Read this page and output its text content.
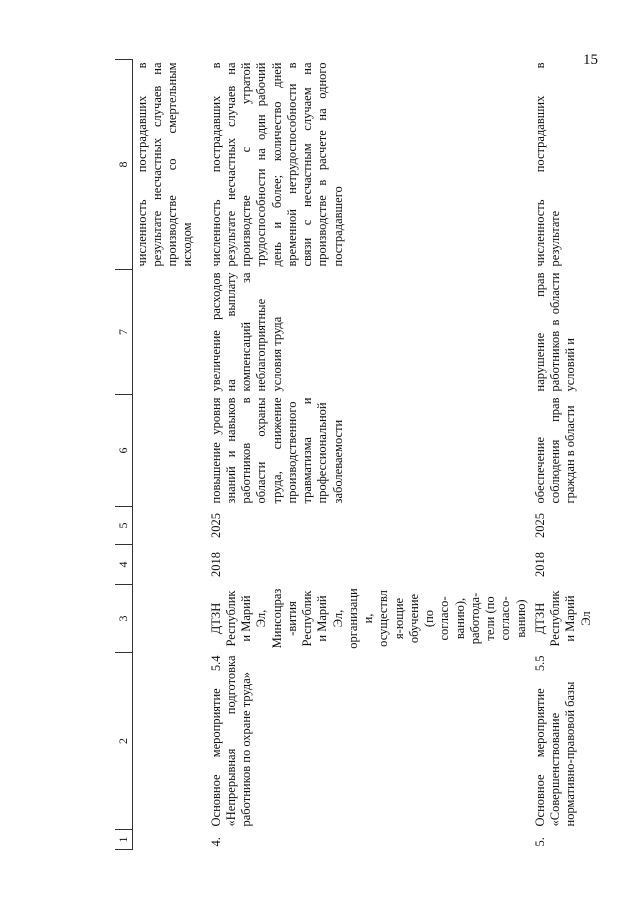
15
1	2	3	4	5	6	7	8
							численность пострадавших в результате несчастных случаев на производстве со смертельным исходом
4.	Основное мероприятие 5.4 «Непрерывная подготовка работников по охране труда»	ДТЗН Республики Марий Эл, Минсоцраз-вития Республики Марий Эл, организации, осуществля-ющие обучение (по согласо-ванию), работода-тели (по согласо-ванию)	2018	2025	повышение уровня знаний и навыков работников в области охраны труда, снижение производственного травматизма и профессиональной заболеваемости	увеличение расходов на выплату компенсаций за неблагоприятные условия труда	численность пострадавших в результате несчастных случаев на производстве с утратой трудоспособности на один рабочий день и более; количество дней временной нетрудоспособности в связи с несчастным случаем на производстве в расчете на одного пострадавшего
5.	Основное мероприятие 5.5 «Совершенствование нормативно-правовой базы	ДТЗН Республики Марий Эл	2018	2025	обеспечение соблюдения прав граждан в области	нарушение прав работников в области условий и	численность пострадавших в результате
